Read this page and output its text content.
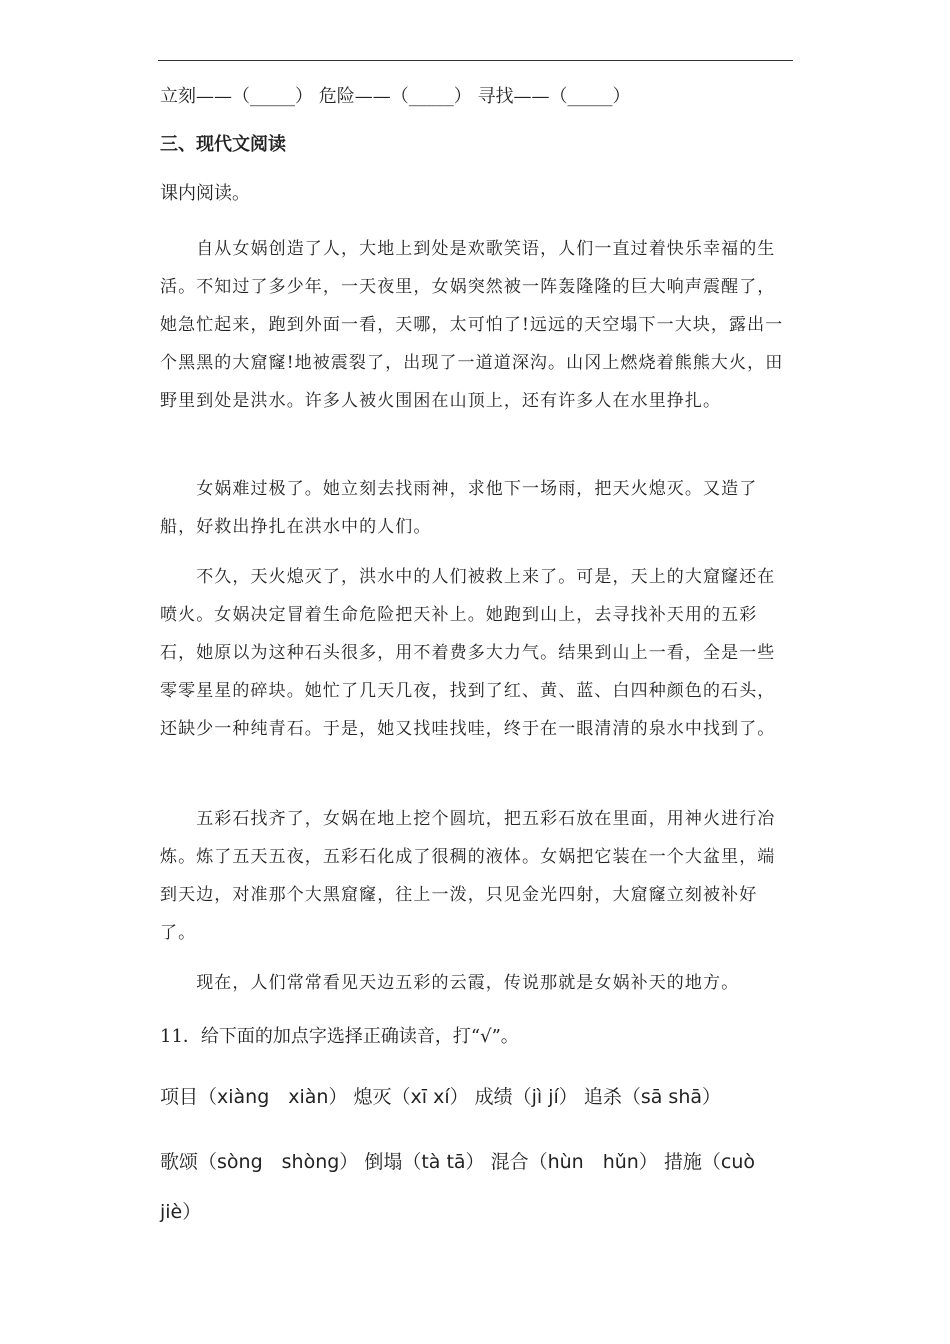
立刻——（_____） 危险——（_____） 寻找——（_____）
三、现代文阅读
课内阅读。
　　自从女娲创造了人，大地上到处是欢歌笑语，人们一直过着快乐幸福的生活。不知过了多少年，一天夜里，女娲突然被一阵轰隆隆的巨大响声震醒了，她急忙起来，跑到外面一看，天哪，太可怕了!远远的天空塌下一大块，露出一个黑黑的大窟窿!地被震裂了，出现了一道道深沟。山冈上燃烧着熊熊大火，田野里到处是洪水。许多人被火围困在山顶上，还有许多人在水里挣扎。
　　女娲难过极了。她立刻去找雨神，求他下一场雨，把天火熄灭。又造了船，好救出挣扎在洪水中的人们。
　　不久，天火熄灭了，洪水中的人们被救上来了。可是，天上的大窟窿还在喷火。女娲决定冒着生命危险把天补上。她跑到山上，去寻找补天用的五彩石，她原以为这种石头很多，用不着费多大力气。结果到山上一看，全是一些零零星星的碎块。她忙了几天几夜，找到了红、黄、蓝、白四种颜色的石头，还缺少一种纯青石。于是，她又找哇找哇，终于在一眼清清的泉水中找到了。
　　五彩石找齐了，女娲在地上挖个圆坑，把五彩石放在里面，用神火进行冶炼。炼了五天五夜，五彩石化成了很稠的液体。女娲把它装在一个大盆里，端到天边，对准那个大黑窟窿，往上一泼，只见金光四射，大窟窿立刻被补好了。
　　现在，人们常常看见天边五彩的云霞，传说那就是女娲补天的地方。
11．给下面的加点字选择正确读音，打“√”。
项目（xiàng　xiàn） 熄灭（xī xí） 成绩（jì jí） 追杀（sā shā）
歌颂（sòng　shòng） 倒塌（tà tā） 混合（hùn　hǔn） 措施（cuò
jiè）
